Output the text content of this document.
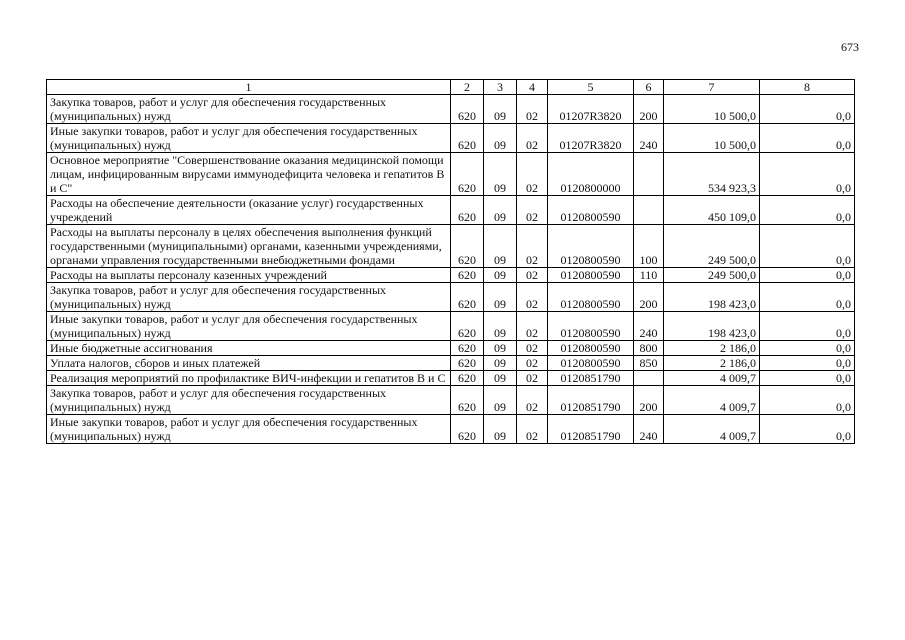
673
1	2	3	4	5	6	7	8
Закупка товаров, работ и услуг для обеспечения государственных (муниципальных) нужд	620	09	02	01207R3820	200	10 500,0	0,0
Иные закупки товаров, работ и услуг для обеспечения государственных (муниципальных) нужд	620	09	02	01207R3820	240	10 500,0	0,0
Основное мероприятие "Совершенствование оказания медицинской помощи лицам, инфицированным вирусами иммунодефицита человека и гепатитов В и С"	620	09	02	0120800000		534 923,3	0,0
Расходы на обеспечение деятельности (оказание услуг) государственных учреждений	620	09	02	0120800590		450 109,0	0,0
Расходы на выплаты персоналу в целях обеспечения выполнения функций государственными (муниципальными) органами, казенными учреждениями, органами управления государственными внебюджетными фондами	620	09	02	0120800590	100	249 500,0	0,0
Расходы на выплаты персоналу казенных учреждений	620	09	02	0120800590	110	249 500,0	0,0
Закупка товаров, работ и услуг для обеспечения государственных (муниципальных) нужд	620	09	02	0120800590	200	198 423,0	0,0
Иные закупки товаров, работ и услуг для обеспечения государственных (муниципальных) нужд	620	09	02	0120800590	240	198 423,0	0,0
Иные бюджетные ассигнования	620	09	02	0120800590	800	2 186,0	0,0
Уплата налогов, сборов и иных платежей	620	09	02	0120800590	850	2 186,0	0,0
Реализация мероприятий по профилактике ВИЧ-инфекции и гепатитов В и С	620	09	02	0120851790		4 009,7	0,0
Закупка товаров, работ и услуг для обеспечения государственных (муниципальных) нужд	620	09	02	0120851790	200	4 009,7	0,0
Иные закупки товаров, работ и услуг для обеспечения государственных (муниципальных) нужд	620	09	02	0120851790	240	4 009,7	0,0
